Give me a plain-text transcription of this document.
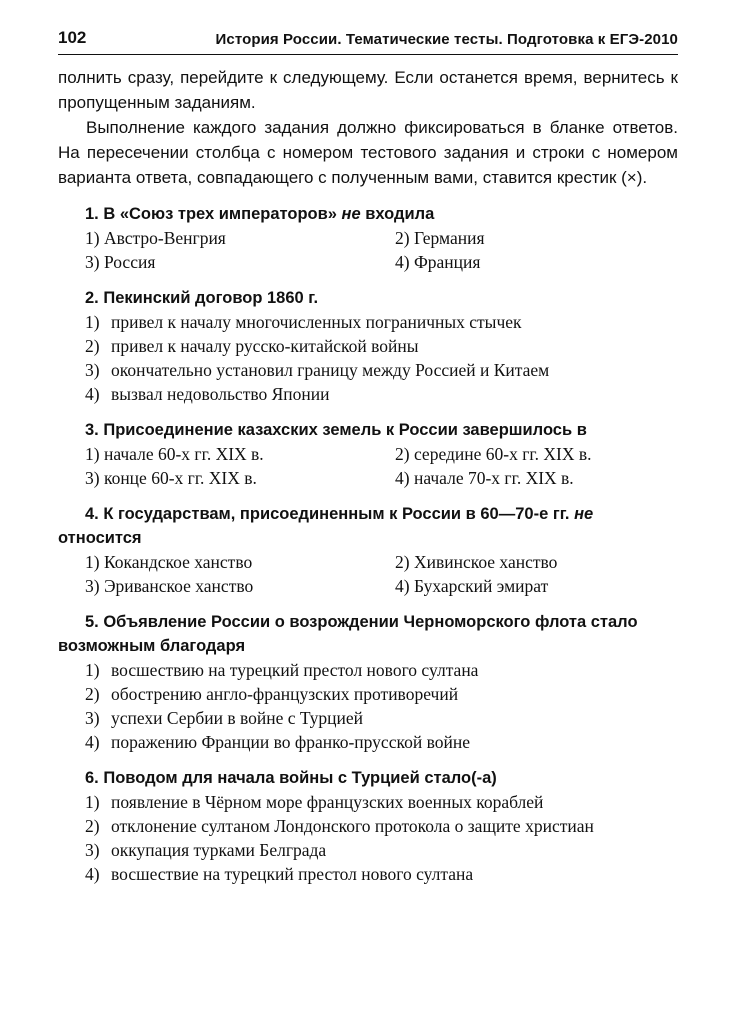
102	История России. Тематические тесты. Подготовка к ЕГЭ-2010

полнить сразу, перейдите к следующему. Если останется время, вернитесь к пропущенным заданиям.

Выполнение каждого задания должно фиксироваться в бланке ответов. На пересечении столбца с номером тестового задания и строки с номером варианта ответа, совпадающего с полученным вами, ставится крестик (×).

1. В «Союз трех императоров» не входила

1) Австро-Венгрия	2) Германия
3) Россия	4) Франция

2. Пекинский договор 1860 г.

1) привел к началу многочисленных пограничных стычек
2) привел к началу русско-китайской войны
3) окончательно установил границу между Россией и Китаем
4) вызвал недовольство Японии

3. Присоединение казахских земель к России завершилось в

1) начале 60-х гг. XIX в.	2) середине 60-х гг. XIX в.
3) конце 60-х гг. XIX в.	4) начале 70-х гг. XIX в.

4. К государствам, присоединенным к России в 60—70-е гг. не относится

1) Кокандское ханство	2) Хивинское ханство
3) Эриванское ханство	4) Бухарский эмират

5. Объявление России о возрождении Черноморского флота стало возможным благодаря

1) восшествию на турецкий престол нового султана
2) обострению англо-французских противоречий
3) успехи Сербии в войне с Турцией
4) поражению Франции во франко-прусской войне

6. Поводом для начала войны с Турцией стало(-а)

1) появление в Чёрном море французских военных кораблей
2) отклонение султаном Лондонского протокола о защите христиан
3) оккупация турками Белграда
4) восшествие на турецкий престол нового султана
